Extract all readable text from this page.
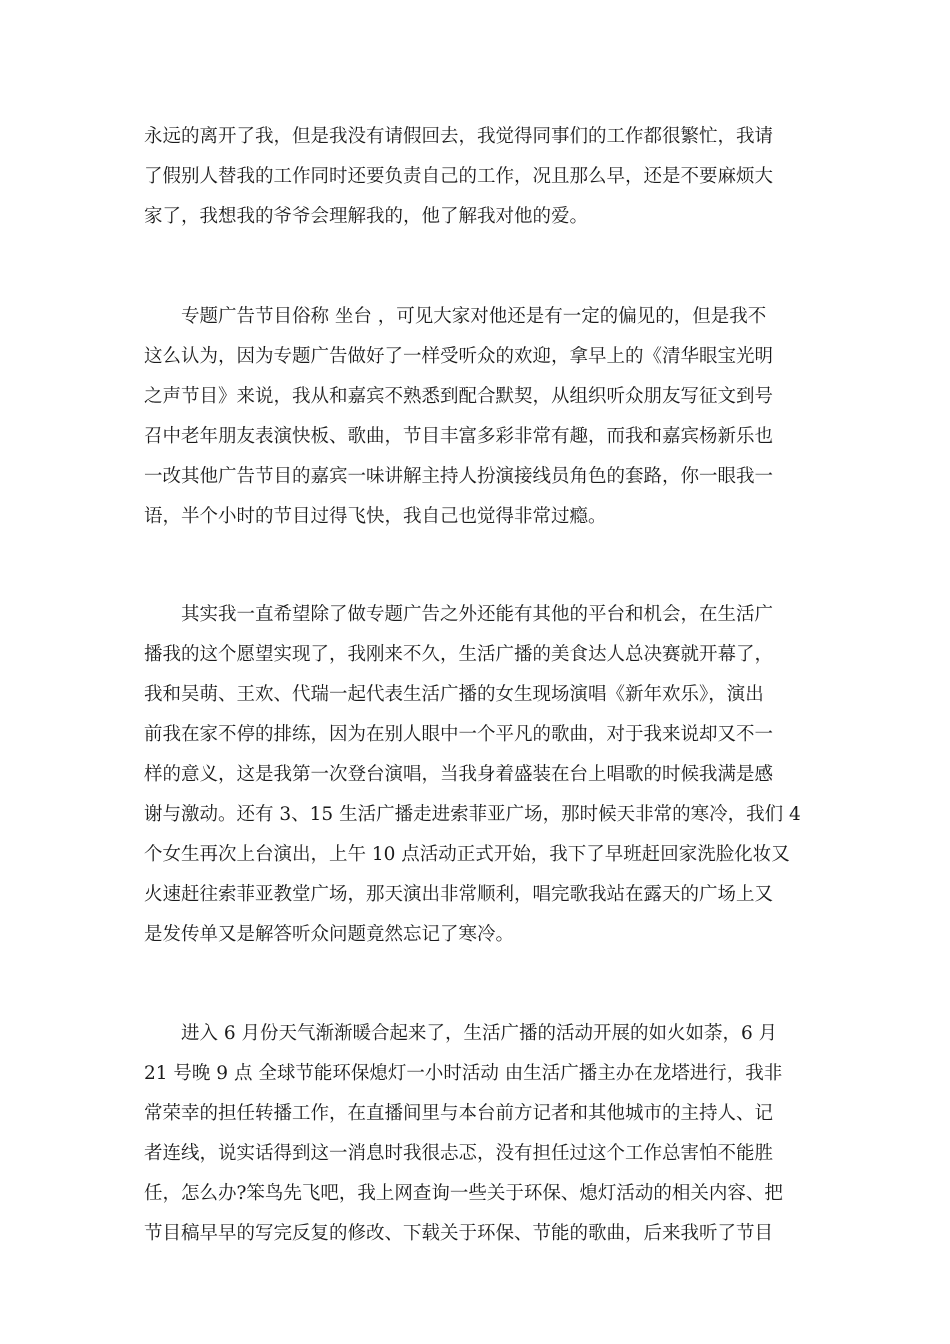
永远的离开了我，但是我没有请假回去，我觉得同事们的工作都很繁忙，我请
了假别人替我的工作同时还要负责自己的工作，况且那么早，还是不要麻烦大
家了，我想我的爷爷会理解我的，他了解我对他的爱。
　　专题广告节目俗称 坐台 ，可见大家对他还是有一定的偏见的，但是我不
这么认为，因为专题广告做好了一样受听众的欢迎，拿早上的《清华眼宝光明
之声节目》来说，我从和嘉宾不熟悉到配合默契，从组织听众朋友写征文到号
召中老年朋友表演快板、歌曲，节目丰富多彩非常有趣，而我和嘉宾杨新乐也
一改其他广告节目的嘉宾一味讲解主持人扮演接线员角色的套路，你一眼我一
语，半个小时的节目过得飞快，我自己也觉得非常过瘾。
　　其实我一直希望除了做专题广告之外还能有其他的平台和机会，在生活广
播我的这个愿望实现了，我刚来不久，生活广播的美食达人总决赛就开幕了，
我和吴萌、王欢、代瑞一起代表生活广播的女生现场演唱《新年欢乐》，演出
前我在家不停的排练，因为在别人眼中一个平凡的歌曲，对于我来说却又不一
样的意义，这是我第一次登台演唱，当我身着盛装在台上唱歌的时候我满是感
谢与激动。还有 3、15 生活广播走进索菲亚广场，那时候天非常的寒冷，我们 4
个女生再次上台演出，上午 10 点活动正式开始，我下了早班赶回家洗脸化妆又
火速赶往索菲亚教堂广场，那天演出非常顺利，唱完歌我站在露天的广场上又
是发传单又是解答听众问题竟然忘记了寒冷。
　　进入 6 月份天气渐渐暖合起来了，生活广播的活动开展的如火如荼，6 月
21 号晚 9 点 全球节能环保熄灯一小时活动 由生活广播主办在龙塔进行，我非
常荣幸的担任转播工作，在直播间里与本台前方记者和其他城市的主持人、记
者连线，说实话得到这一消息时我很忐忑，没有担任过这个工作总害怕不能胜
任，怎么办?笨鸟先飞吧，我上网查询一些关于环保、熄灯活动的相关内容、把
节目稿早早的写完反复的修改、下载关于环保、节能的歌曲，后来我听了节目
